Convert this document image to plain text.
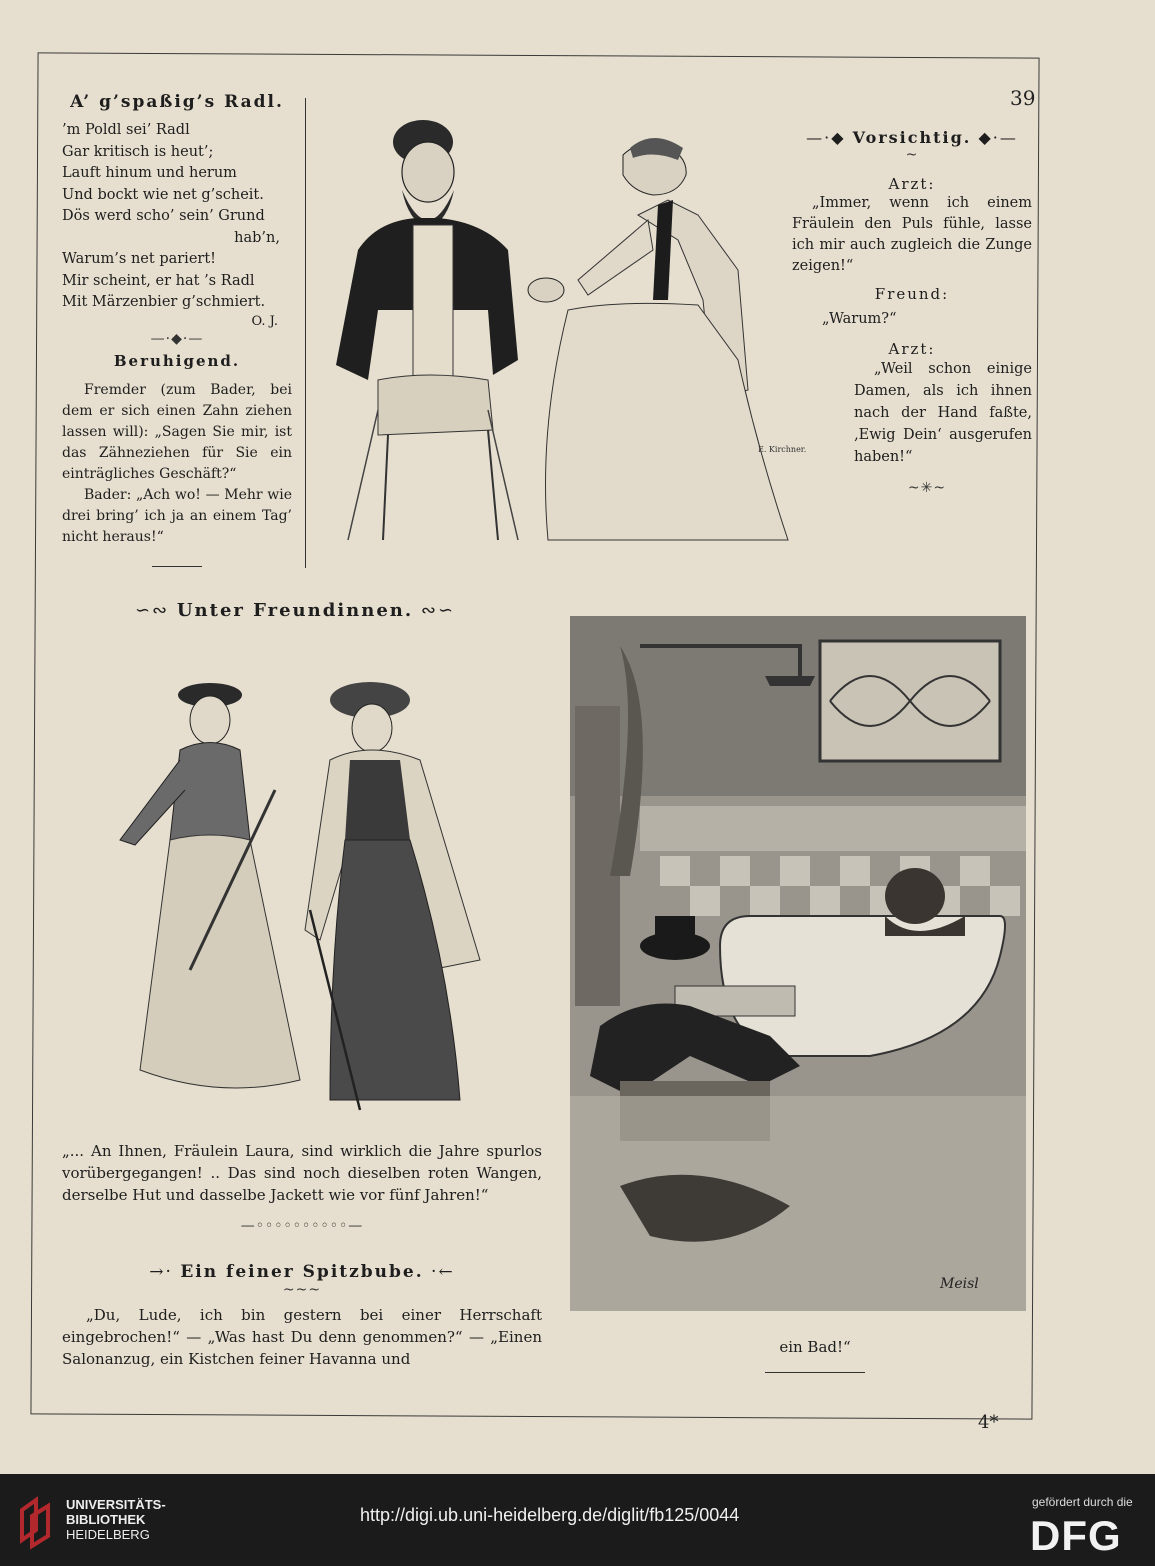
39
A’ g’spaßig’s Radl.
’m Poldl sei’ Radl
Gar kritisch is heut’;
Lauft hinum und herum
Und bockt wie net g’scheit.
Dös werd scho’ sein’ Grund
hab’n,
Warum’s net pariert!
Mir scheint, er hat ’s Radl
Mit Märzenbier g’schmiert.
O. J.
—·◆·—
Beruhigend.
Fremder (zum Bader, bei dem er sich einen Zahn ziehen lassen will): „Sagen Sie mir, ist das Zähneziehen für Sie ein einträgliches Geschäft?“
Bader: „Ach wo! — Mehr wie drei bring’ ich ja an einem Tag’ nicht heraus!“
E. Kirchner.
—·◆ Vorsichtig. ◆·—
~
Arzt:
„Immer, wenn ich einem Fräulein den Puls fühle, lasse ich mir auch zugleich die Zunge zeigen!“
Freund:
„Warum?“
Arzt:
„Weil schon einige Damen, als ich ihnen nach der Hand faßte, ‚Ewig Dein‘ ausgerufen haben!“
~✳~
∽∾ Unter Freundinnen. ∾∽
„... An Ihnen, Fräulein Laura, sind wirklich die Jahre spurlos vorübergegangen! .. Das sind noch dieselben roten Wangen, derselbe Hut und dasselbe Jackett wie vor fünf Jahren!“
—◦◦◦◦◦◦◦◦◦◦—
→· Ein feiner Spitzbube. ·←
~~~
„Du, Lude, ich bin gestern bei einer Herrschaft eingebrochen!“ — „Was hast Du denn genommen?“ — „Einen Salonanzug, ein Kistchen feiner Havanna und
Meisl
ein Bad!“
4*
UNIVERSITÄTS-
BIBLIOTHEK
HEIDELBERG
http://digi.ub.uni-heidelberg.de/diglit/fb125/0044
gefördert durch die
DFG
